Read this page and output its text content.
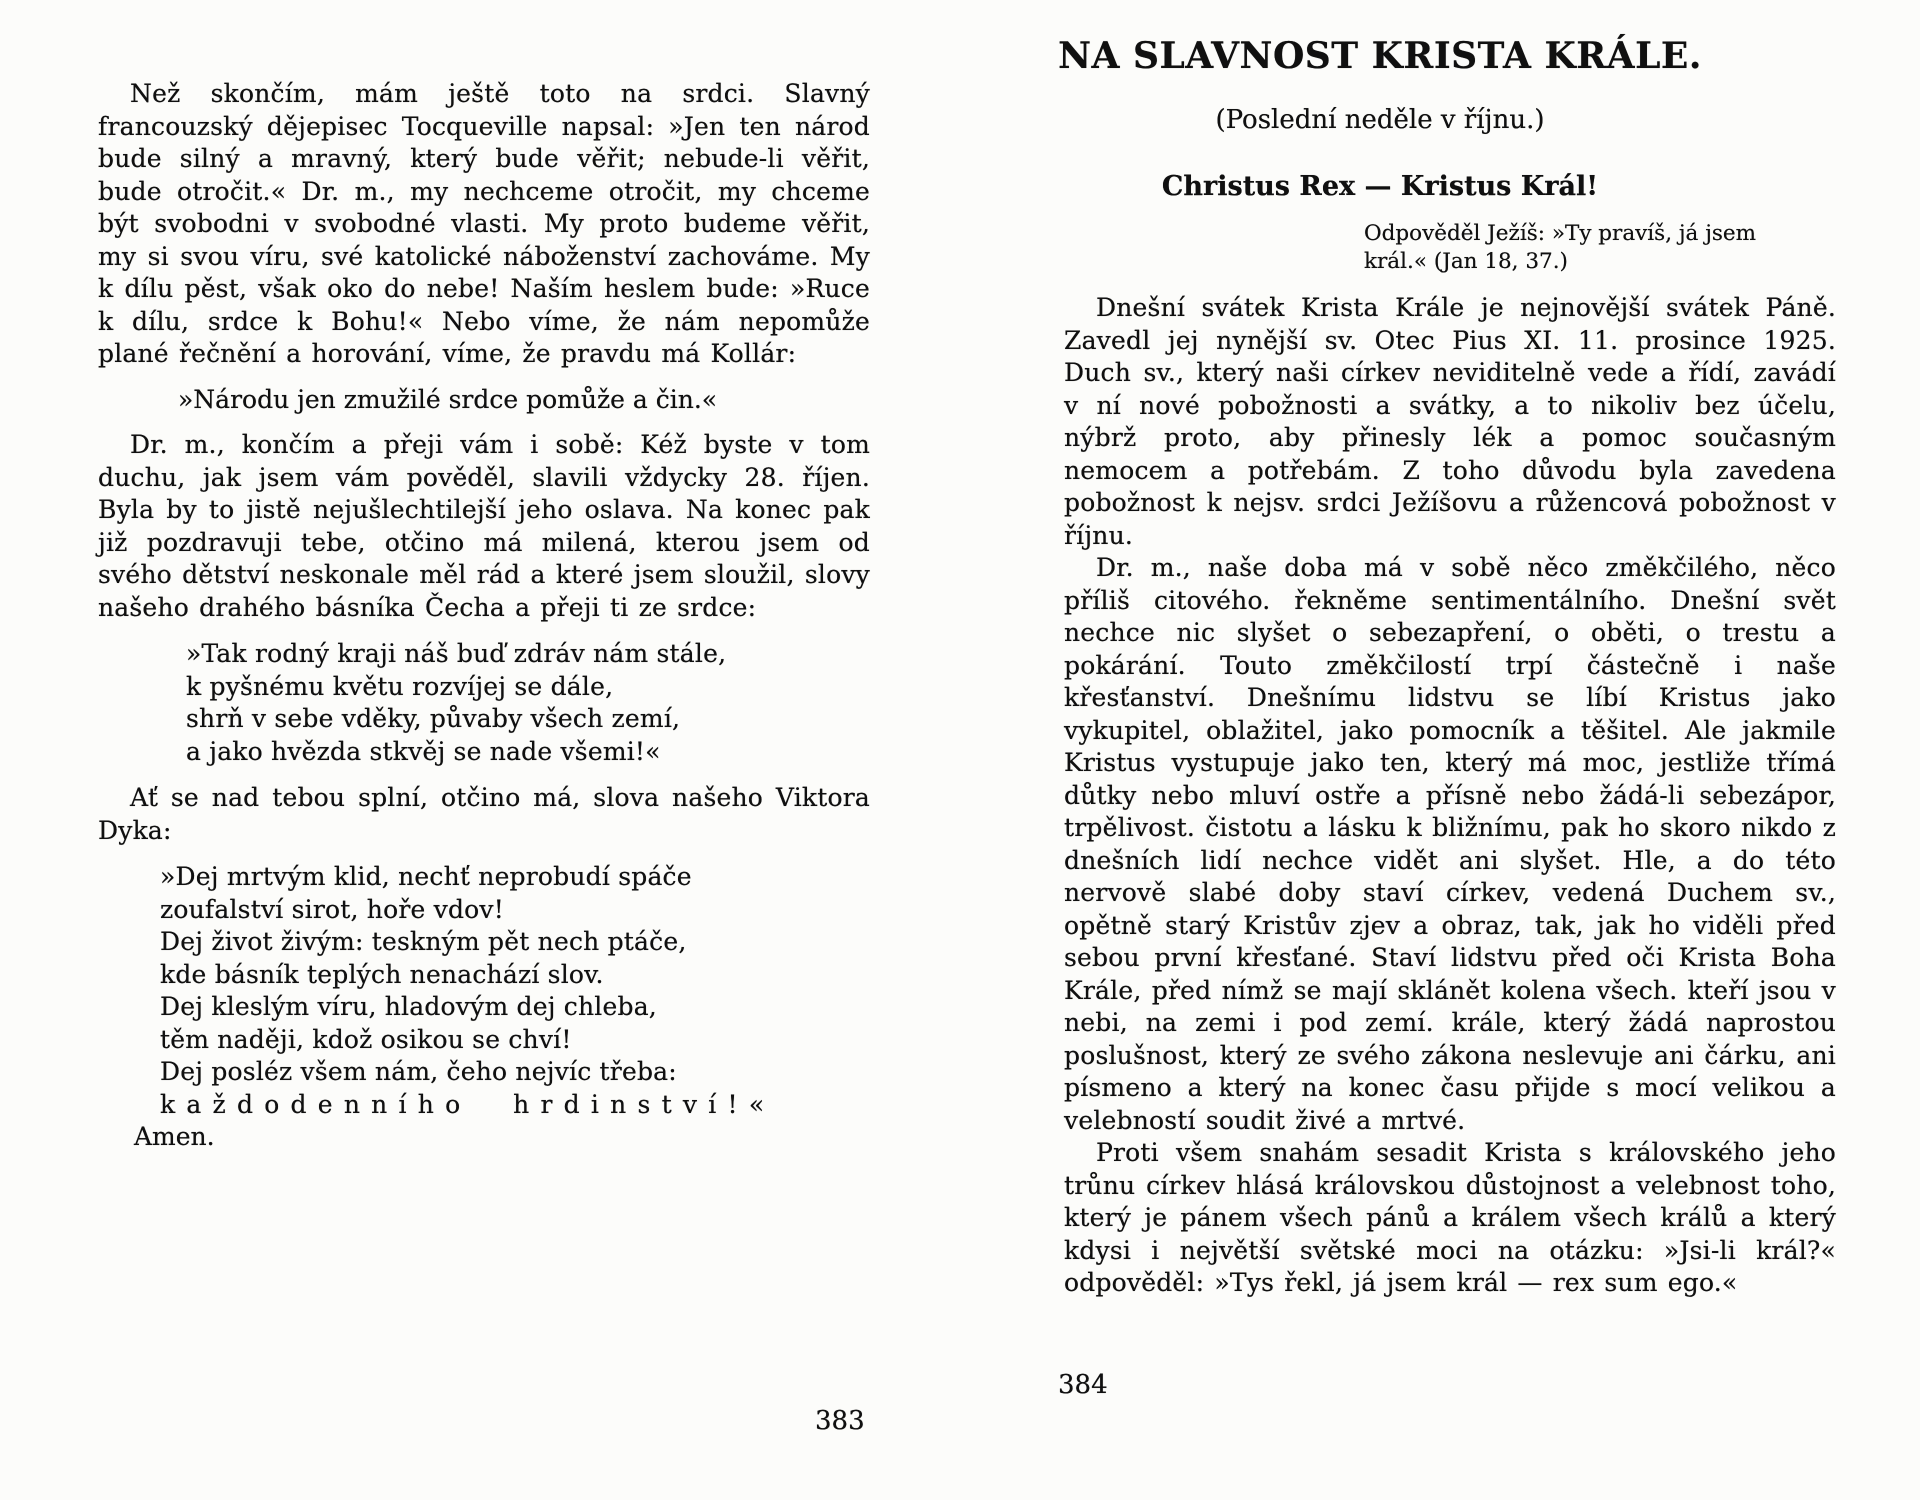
Než skončím, mám ještě toto na srdci. Slavný francouzský dějepisec Tocqueville napsal: »Jen ten národ bude silný a mravný, který bude věřit; nebude-li věřit, bude otročit.« Dr. m., my nechceme otročit, my chceme být svobodni v svobodné vlasti. My proto budeme věřit, my si svou víru, své katolické náboženství zachováme. My k dílu pěst, však oko do nebe! Naším heslem bude: »Ruce k dílu, srdce k Bohu!« Nebo víme, že nám nepomůže plané řečnění a horování, víme, že pravdu má Kollár:

»Národu jen zmužilé srdce pomůže a čin.«

Dr. m., končím a přeji vám i sobě: Kéž byste v tom duchu, jak jsem vám pověděl, slavili vždycky 28. říjen. Byla by to jistě nejušlechtilejší jeho oslava. Na konec pak již pozdravuji tebe, otčino má milená, kterou jsem od svého dětství neskonale měl rád a které jsem sloužil, slovy našeho drahého básníka Čecha a přeji ti ze srdce:

»Tak rodný kraji náš buď zdráv nám stále,
k pyšnému květu rozvíjej se dále,
shrň v sebe vděky, půvaby všech zemí,
a jako hvězda stkvěj se nade všemi!«

Ať se nad tebou splní, otčino má, slova našeho Viktora Dyka:

»Dej mrtvým klid, nechť neprobudí spáče
zoufalství sirot, hoře vdov!
Dej život živým: teskným pět nech ptáče,
kde básník teplých nenachází slov.
Dej kleslým víru, hladovým dej chleba,
těm naději, kdož osikou se chví!
Dej posléz všem nám, čeho nejvíc třeba:
každodenního hrdinství!«

Amen.

383
NA SLAVNOST KRISTA KRÁLE.
(Poslední neděle v říjnu.)
Christus Rex — Kristus Král!
Odpověděl Ježíš: »Ty pravíš, já jsem
král.« (Jan 18, 37.)

Dnešní svátek Krista Krále je nejnovější svátek Páně. Zavedl jej nynější sv. Otec Pius XI. 11. prosince 1925. Duch sv., který naši církev neviditelně vede a řídí, zavádí v ní nové pobožnosti a svátky, a to nikoliv bez účelu, nýbrž proto, aby přinesly lék a pomoc současným nemocem a potřebám. Z toho důvodu byla zavedena pobožnost k nejsv. srdci Ježíšovu a růžencová pobožnost v říjnu.

Dr. m., naše doba má v sobě něco změkčilého, něco příliš citového. řekněme sentimentálního. Dnešní svět nechce nic slyšet o sebezapření, o oběti, o trestu a pokárání. Touto změkčilostí trpí částečně i naše křesťanství. Dnešnímu lidstvu se líbí Kristus jako vykupitel, oblažitel, jako pomocník a těšitel. Ale jakmile Kristus vystupuje jako ten, který má moc, jestliže třímá důtky nebo mluví ostře a přísně nebo žádá-li sebezápor, trpělivost. čistotu a lásku k bližnímu, pak ho skoro nikdo z dnešních lidí nechce vidět ani slyšet. Hle, a do této nervově slabé doby staví církev, vedená Duchem sv., opětně starý Kristův zjev a obraz, tak, jak ho viděli před sebou první křesťané. Staví lidstvu před oči Krista Boha Krále, před nímž se mají sklánět kolena všech. kteří jsou v nebi, na zemi i pod zemí. krále, který žádá naprostou poslušnost, který ze svého zákona neslevuje ani čárku, ani písmeno a který na konec času přijde s mocí velikou a velebností soudit živé a mrtvé.

Proti všem snahám sesadit Krista s královského jeho trůnu církev hlásá královskou důstojnost a velebnost toho, který je pánem všech pánů a králem všech králů a který kdysi i největší světské moci na otázku: »Jsi-li král?« odpověděl: »Tys řekl, já jsem král — rex sum ego.«

384
